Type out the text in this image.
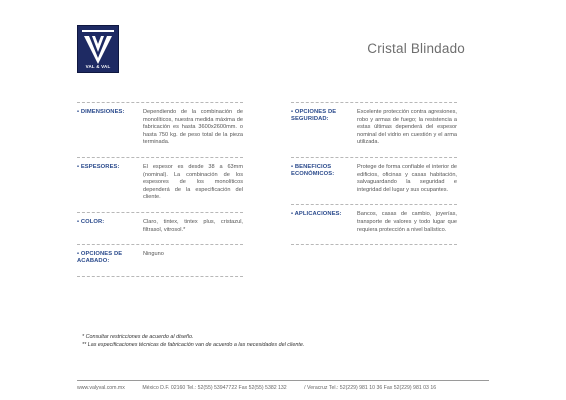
VAL & VAL
Cristal Blindado
• DIMENSIONES:	Dependiendo de la combinación de monolíticos, nuestra medida máxima de fabricación es hasta 3600x2600mm. o hasta 750 kg. de peso total de la pieza terminada.
• ESPESORES:	El espesor es desde 38 a 63mm (nominal). La combinación de los espesores de los monolíticos dependerá de la especificación del cliente.
• COLOR:	Claro, tintex, tintex plus, cristazul, filtrasol, vitrosol.*
• OPCIONES DE ACABADO:
Ninguno
• OPCIONES DE SEGURIDAD:
Excelente protección contra agresiones, robo y armas de fuego; la resistencia a estas últimas dependerá del espesor nominal del vidrio en cuestión y el arma utilizada.
• BENEFICIOS ECONÓMICOS:
Protege de forma confiable el interior de edificios, oficinas y casas habitación, salvaguardando la seguridad e integridad del lugar y sus ocupantes.
• APLICACIONES:	Bancos, casas de cambio, joyerías, transporte de valores y todo lugar que requiera protección a nivel balístico.
* Consultar restricciones de acuerdo al diseño.
** Las especificaciones técnicas de fabricación van de acuerdo a las necesidades del cliente.
www.valyval.com.mx	México D.F. 02160 Tel.: 52(55) 53947722 Fax 52(55) 5382 132	/ Veracruz Tel.: 52(229) 981 10 36 Fax 52(229) 981 03 16
